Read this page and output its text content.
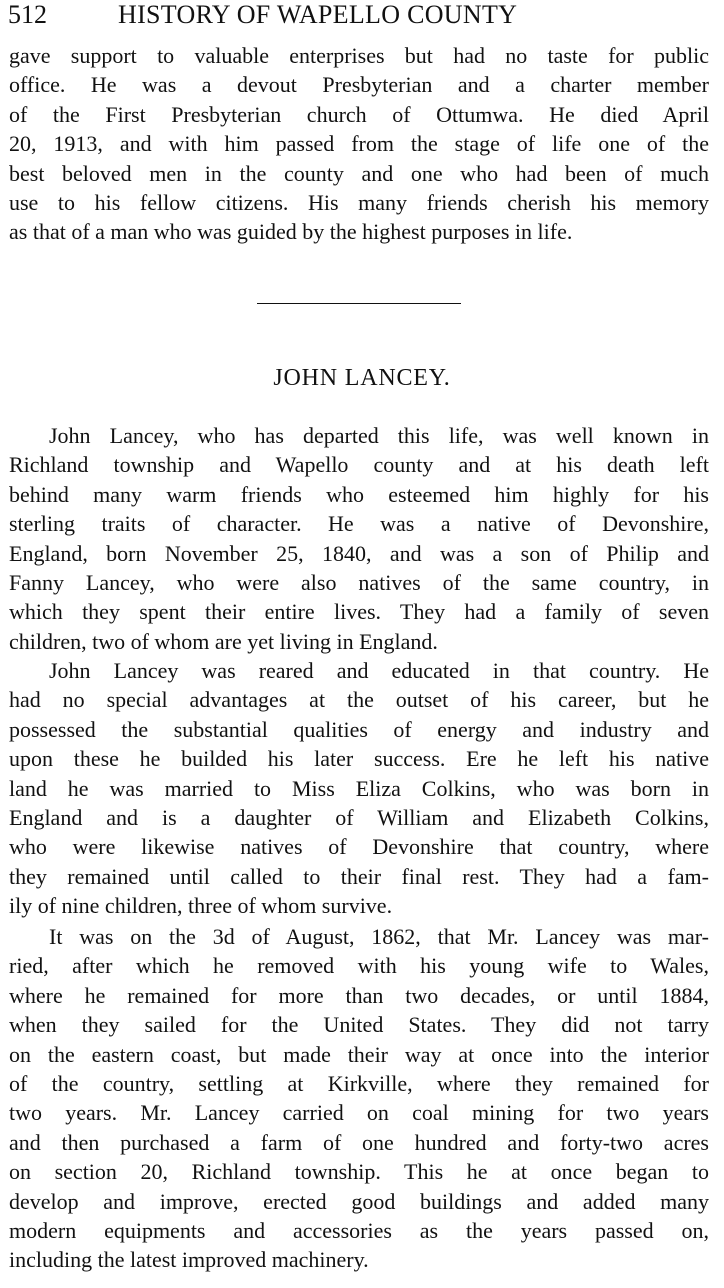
512	HISTORY OF WAPELLO COUNTY
gave support to valuable enterprises but had no taste for public
office. He was a devout Presbyterian and a charter member
of the First Presbyterian church of Ottumwa. He died April
20, 1913, and with him passed from the stage of life one of the
best beloved men in the county and one who had been of much
use to his fellow citizens. His many friends cherish his memory
as that of a man who was guided by the highest purposes in life.
JOHN LANCEY.
John Lancey, who has departed this life, was well known in
Richland township and Wapello county and at his death left
behind many warm friends who esteemed him highly for his
sterling traits of character. He was a native of Devonshire,
England, born November 25, 1840, and was a son of Philip and
Fanny Lancey, who were also natives of the same country, in
which they spent their entire lives. They had a family of seven
children, two of whom are yet living in England.
John Lancey was reared and educated in that country. He
had no special advantages at the outset of his career, but he
possessed the substantial qualities of energy and industry and
upon these he builded his later success. Ere he left his native
land he was married to Miss Eliza Colkins, who was born in
England and is a daughter of William and Elizabeth Colkins,
who were likewise natives of Devonshire that country, where
they remained until called to their final rest. They had a fam-
ily of nine children, three of whom survive.
It was on the 3d of August, 1862, that Mr. Lancey was mar-
ried, after which he removed with his young wife to Wales,
where he remained for more than two decades, or until 1884,
when they sailed for the United States. They did not tarry
on the eastern coast, but made their way at once into the interior
of the country, settling at Kirkville, where they remained for
two years. Mr. Lancey carried on coal mining for two years
and then purchased a farm of one hundred and forty-two acres
on section 20, Richland township. This he at once began to
develop and improve, erected good buildings and added many
modern equipments and accessories as the years passed on,
including the latest improved machinery.
